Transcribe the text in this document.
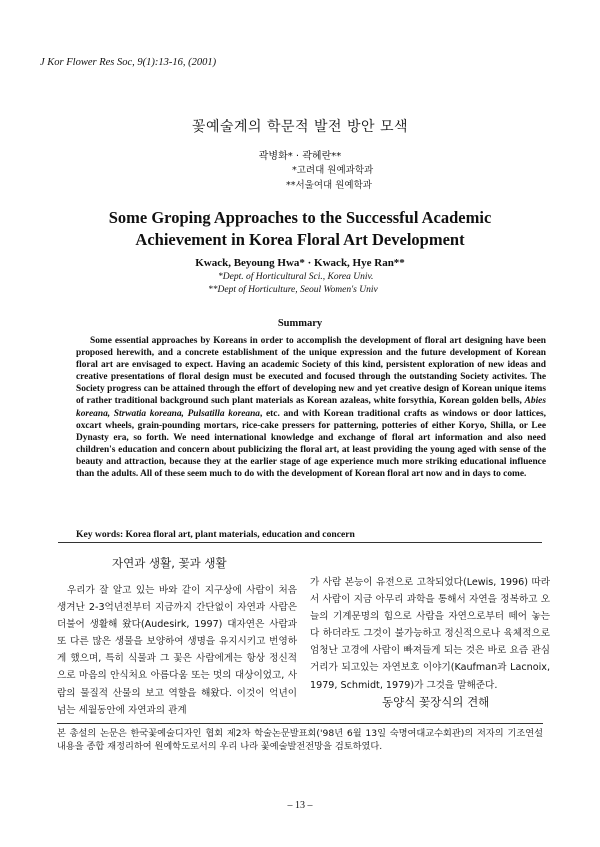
J Kor Flower Res Soc, 9(1):13-16, (2001)
꽃예술계의 학문적 발전 방안 모색
곽병화* · 곽혜란**
*고려대 원예과학과
**서울여대 원예학과
Some Groping Approaches to the Successful Academic
Achievement in Korea Floral Art Development
Kwack, Beyoung Hwa* · Kwack, Hye Ran**
*Dept. of Horticultural Sci., Korea Univ.
**Dept of Horticulture, Seoul Women's Univ
Summary
Some essential approaches by Koreans in order to accomplish the development of floral art designing have been proposed herewith, and a concrete establishment of the unique expression and the future development of Korean floral art are envisaged to expect. Having an academic Society of this kind, persistent exploration of new ideas and creative presentations of floral design must be executed and focused through the outstanding Society activites. The Society progress can be attained through the effort of developing new and yet creative design of Korean unique items of rather traditional background such plant materials as Korean azaleas, white forsythia, Korean golden bells, Abies koreana, Strwatia koreana, Pulsatilla koreana, etc. and with Korean traditional crafts as windows or door lattices, oxcart wheels, grain-pounding mortars, rice-cake pressers for patterning, potteries of either Koryo, Shilla, or Lee Dynasty era, so forth. We need international knowledge and exchange of floral art information and also need children's education and concern about publicizing the floral art, at least providing the young aged with sense of the beauty and attraction, because they at the earlier stage of age experience much more striking educational influence than the adults. All of these seem much to do with the development of Korean floral art now and in days to come.
Key words: Korea floral art, plant materials, education and concern
자연과 생활, 꽃과 생활
우리가 잘 알고 있는 바와 같이 지구상에 사람이 처음 생겨난 2-3억년전부터 지금까지 간단없이 자연과 사람은 더불어 생활해 왔다(Audesirk, 1997) 대자연은 사람과 또 다른 많은 생물을 보양하여 생명을 유지시키고 번영하게 했으며, 특히 식물과 그 꽃은 사람에게는 항상 정신적으로 마음의 안식처요 아름다움 또는 멋의 대상이었고, 사람의 물질적 산물의 보고 역할을 해왔다. 이것이 억년이 넘는 세월동안에 자연과의 관계
가 사람 본능이 유전으로 고착되었다(Lewis, 1996) 따라서 사람이 지금 아무리 과학을 통해서 자연을 정복하고 오늘의 기계문명의 힘으로 사람을 자연으로부터 떼어 놓는다 하더라도 그것이 불가능하고 정신적으로나 육체적으로 엄청난 고경에 사람이 빠져들게 되는 것은 바로 요즘 관심거리가 되고있는 자연보호 이야기(Kaufman과 Lacnoix, 1979, Schmidt, 1979)가 그것을 말해준다.
동양식 꽃장식의 견해
본 총설의 논문은 한국꽃예술디자인 협회 제2차 학술논문발표회('98년 6월 13일 숙명여대교수회관)의 저자의 기조연설 내용을 종합 재정리하여 원예학도로서의 우리 나라 꽃예술발전전망을 검토하였다.
– 13 –
